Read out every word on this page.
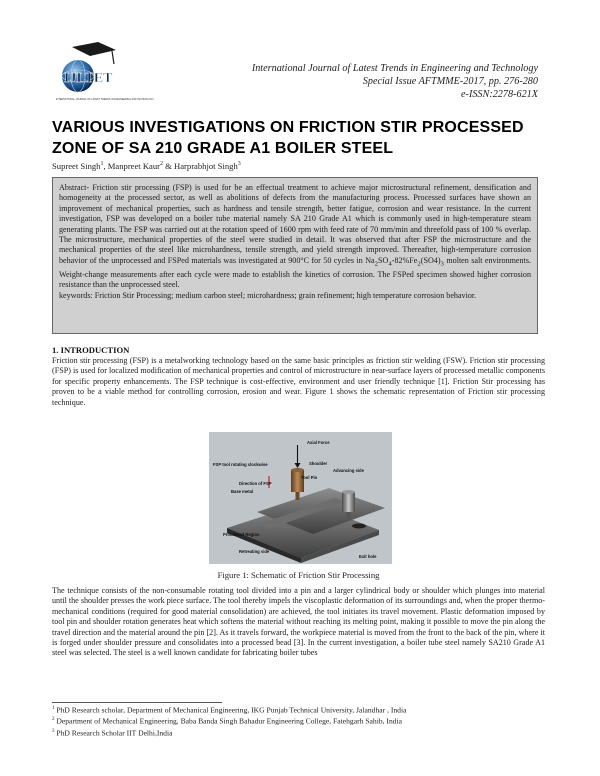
IJLTET
INTERNATIONAL JOURNAL OF LATEST TRENDS IN ENGINEERING AND TECHNOLOGY
International Journal of Latest Trends in Engineering and Technology
Special Issue AFTMME-2017, pp. 276-280
e-ISSN:2278-621X
VARIOUS INVESTIGATIONS ON FRICTION STIR PROCESSED ZONE OF SA 210 GRADE A1 BOILER STEEL
Supreet Singh$^1$, Manpreet Kaur$^2$ & Harprabhjot Singh$^3$

Abstract- Friction stir processing (FSP) is used for be an effectual treatment to achieve major microstructural refinement, densification and homogeneity at the processed sector, as well as abolitions of defects from the manufacturing process. Processed surfaces have shown an improvement of mechanical properties, such as hardness and tensile strength, better fatigue, corrosion and wear resistance. In the current investigation, FSP was developed on a boiler tube material namely SA 210 Grade A1 which is commonly used in high-temperature steam generating plants. The FSP was carried out at the rotation speed of 1600 rpm with feed rate of 70 mm/min and threefold pass of 100 % overlap. The microstructure, mechanical properties of the steel were studied in detail. It was observed that after FSP the microstructure and the mechanical properties of the steel like microhardness, tensile strength, and yield strength improved. Thereafter, high-temperature corrosion behavior of the unprocessed and FSPed materials was investigated at 900°C for 50 cycles in $Na_2SO_4-82\%Fe_2(SO4)_3$ molten salt environments. Weight-change measurements after each cycle were made to establish the kinetics of corrosion. The FSPed specimen showed higher corrosion resistance than the unprocessed steel.

keywords: Friction Stir Processing; medium carbon steel; microhardness; grain refinement; high temperature corrosion behavior.

1. INTRODUCTION

Friction stir processing (FSP) is a metalworking technology based on the same basic principles as friction stir welding (FSW). Friction stir processing (FSP) is used for localized modification of mechanical properties and control of microstructure in near-surface layers of processed metallic components for specific property enhancements. The FSP technique is cost-effective, environment and user friendly technique [1]. Friction Stir processing has proven to be a viable method for controlling corrosion, erosion and wear. Figure 1 shows the schematic representation of Friction stir processing technique.

Axial Force
FSP tool rotating clockwise	Shoulder
Tool Pin
Advancing side
Direction of FSP
Base metal
Processed Region
Retreating side
Exit hole
Figure 1: Schematic of Friction Stir Processing

The technique consists of the non-consumable rotating tool divided into a pin and a larger cylindrical body or shoulder which plunges into material until the shoulder presses the work piece surface. The tool thereby impels the viscoplastic deformation of its surroundings and, when the proper thermo- mechanical conditions (required for good material consolidation) are achieved, the tool initiates its travel movement. Plastic deformation imposed by tool pin and shoulder rotation generates heat which softens the material without reaching its melting point, making it possible to move the pin along the travel direction and the material around the pin [2]. As it travels forward, the workpiece material is moved from the front to the back of the pin, where it is forged under shoulder pressure and consolidates into a processed bead [3]. In the current investigation, a boiler tube steel namely SA210 Grade A1 steel was selected. The steel is a well known candidate for fabricating boiler tubes

$^1$ PhD Research scholar, Department of Mechanical Engineering, IKG Punjab Technical University, Jalandhar , India

$^2$ Department of Mechanical Engineering, Baba Banda Singh Bahadur Engineering College, Fatehgarh Sahib, India

$^3$ PhD Research Scholar IIT Delhi,India
